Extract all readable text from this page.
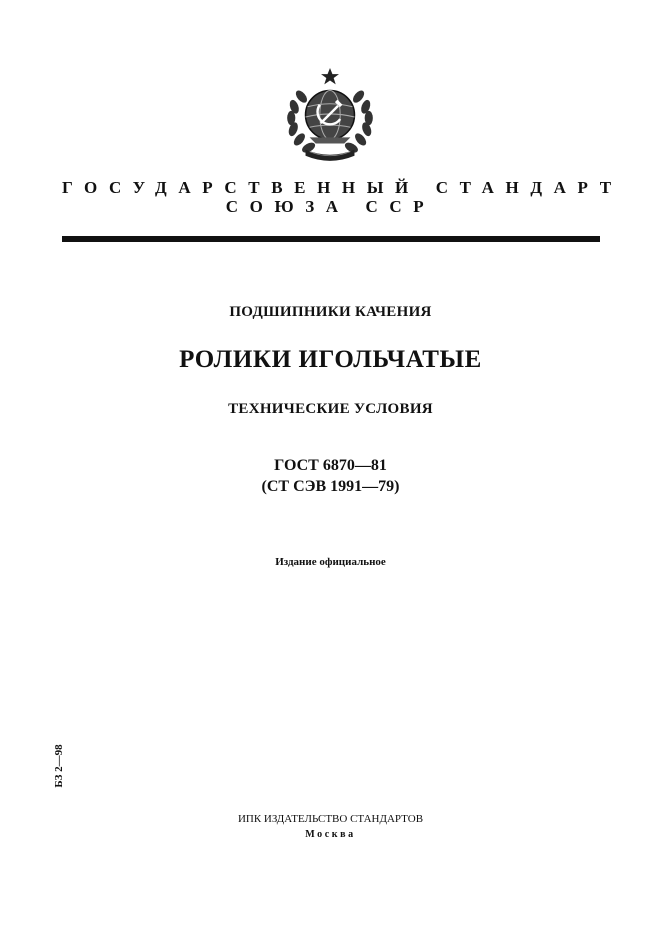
ГОСУДАРСТВЕННЫЙ СТАНДАРТ
СОЮЗА ССР
ПОДШИПНИКИ КАЧЕНИЯ
РОЛИКИ ИГОЛЬЧАТЫЕ
ТЕХНИЧЕСКИЕ УСЛОВИЯ
ГОСТ 6870—81
(СТ СЭВ 1991—79)
Издание официальное
БЗ 2—98
ИПК ИЗДАТЕЛЬСТВО СТАНДАРТОВ
Москва
